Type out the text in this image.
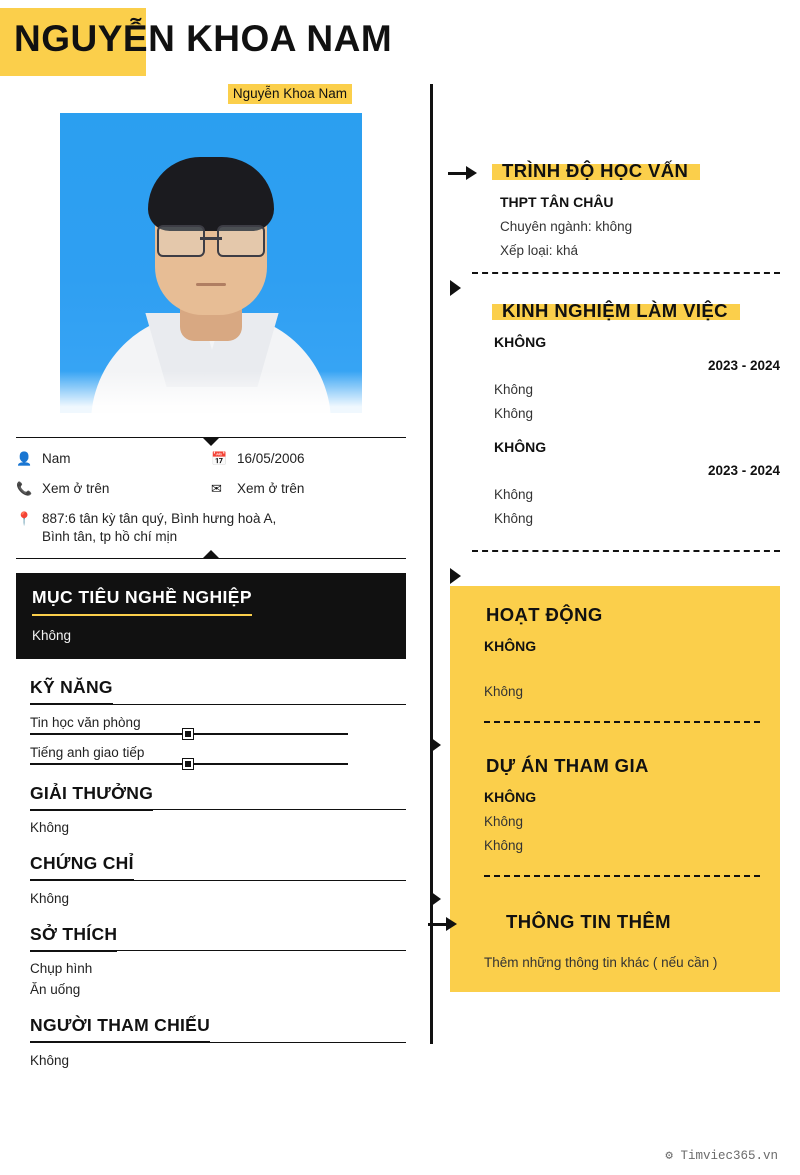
NGUYỄN KHOA NAM
Nguyễn Khoa Nam
👤 Nam	📅 16/05/2006
📞 Xem ở trên	✉	Xem ở trên
📍 887:6 tân kỳ tân quý, Bình hưng hoà A,
Bình tân, tp hồ chí mịn
MỤC TIÊU NGHỀ NGHIỆP
Không
KỸ NĂNG
Tin học văn phòng
Tiếng anh giao tiếp
GIẢI THƯỞNG
Không
CHỨNG CHỈ
Không
SỞ THÍCH
Chụp hình
Ăn uống
NGƯỜI THAM CHIẾU
Không
TRÌNH ĐỘ HỌC VẤN
THPT TÂN CHÂU
Chuyên ngành: không
Xếp loại: khá
KINH NGHIỆM LÀM VIỆC
KHÔNG
2023 - 2024
Không
Không
KHÔNG
2023 - 2024
Không
Không
HOẠT ĐỘNG
KHÔNG
Không
DỰ ÁN THAM GIA
KHÔNG
Không
Không
THÔNG TIN THÊM
Thêm những thông tin khác ( nếu cần )
⚙ Timviec365.vn
